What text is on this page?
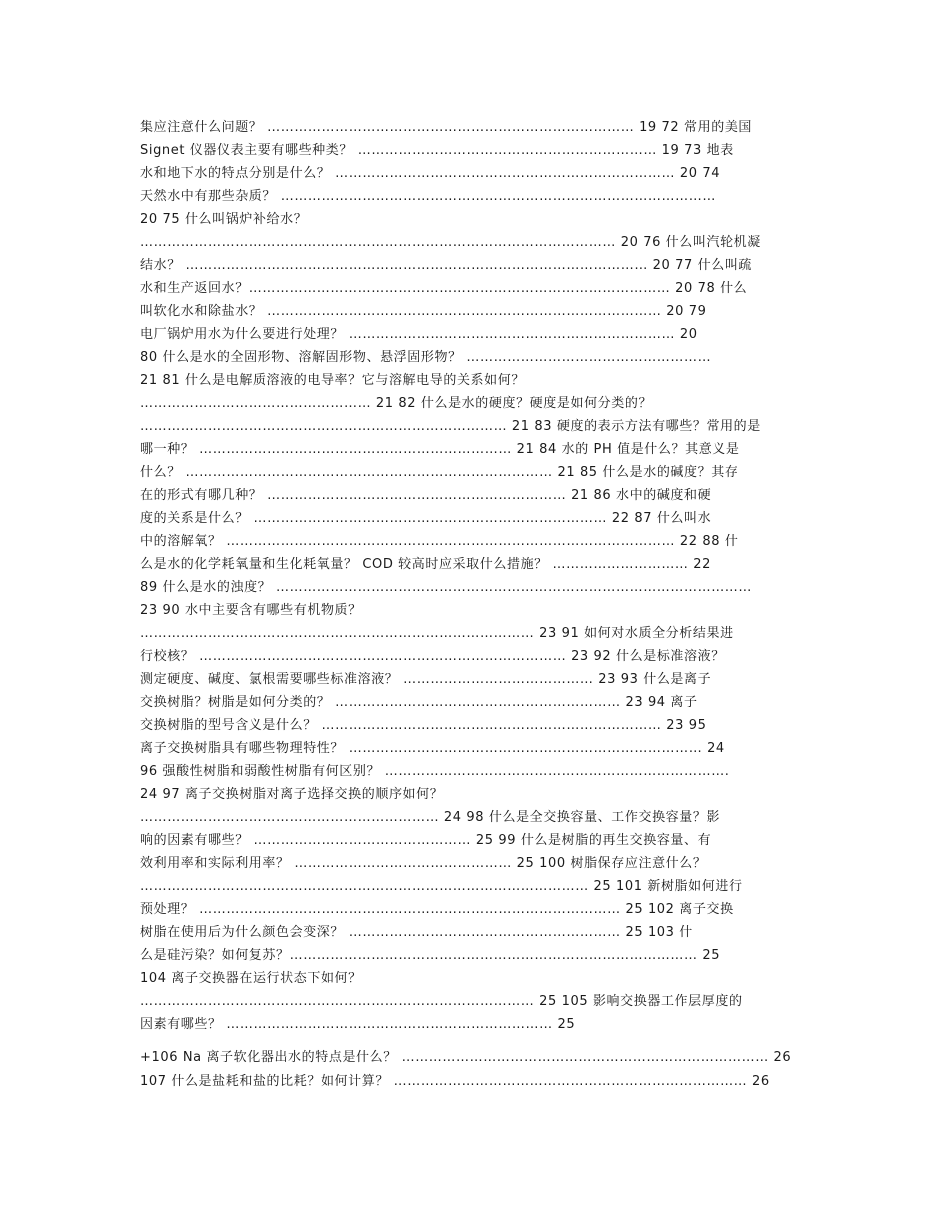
集应注意什么问题？ ……………………………………………………………………… 19 72 常用的美国
Signet 仪器仪表主要有哪些种类？ ………………………………………………………… 19 73 地表
水和地下水的特点分别是什么？ ………………………………………………………………… 20 74
天然水中有那些杂质？ ……………………………………………………………………………………
20 75 什么叫锅炉补给水？
…………………………………………………………………………………………… 20 76 什么叫汽轮机凝
结水？ ………………………………………………………………………………………… 20 77 什么叫疏
水和生产返回水？………………………………………………………………………………… 20 78 什么
叫软化水和除盐水？ …………………………………………………………………………… 20 79
电厂锅炉用水为什么要进行处理？ ……………………………………………………………… 20
80 什么是水的全固形物、溶解固形物、悬浮固形物？ ………………………………………………
21 81 什么是电解质溶液的电导率？它与溶解电导的关系如何？
…………………………………………… 21 82 什么是水的硬度？硬度是如何分类的？
……………………………………………………………………… 21 83 硬度的表示方法有哪些？常用的是
哪一种？ …………………………………………………………… 21 84 水的 PH 值是什么？其意义是
什么？ ……………………………………………………………………… 21 85 什么是水的碱度？其存
在的形式有哪几种？ ………………………………………………………… 21 86 水中的碱度和硬
度的关系是什么？ …………………………………………………………………… 22 87 什么叫水
中的溶解氧？ ……………………………………………………………………………………… 22 88 什
么是水的化学耗氧量和生化耗氧量？ COD 较高时应采取什么措施？ ………………………… 22
89 什么是水的浊度？ ……………………………………………………………………………………………
23 90 水中主要含有哪些有机物质？
…………………………………………………………………………… 23 91 如何对水质全分析结果进
行校核？ ……………………………………………………………………… 23 92 什么是标准溶液？
测定硬度、碱度、氯根需要哪些标准溶液？ …………………………………… 23 93 什么是离子
交换树脂？树脂是如何分类的？ ……………………………………………………… 23 94 离子
交换树脂的型号含义是什么？ ………………………………………………………………… 23 95
离子交换树脂具有哪些物理特性？ …………………………………………………………………… 24
96 强酸性树脂和弱酸性树脂有何区别？ ………………………………………………………………….
24 97 离子交换树脂对离子选择交换的顺序如何？
………………………………………………………… 24 98 什么是全交换容量、工作交换容量？影
响的因素有哪些？ ………………………………………… 25 99 什么是树脂的再生交换容量、有
效利用率和实际利用率？ ………………………………………… 25 100 树脂保存应注意什么？
……………………………………………………………………………………… 25 101 新树脂如何进行
预处理？ ………………………………………………………………………………… 25 102 离子交换
树脂在使用后为什么颜色会变深？ …………………………………………………… 25 103 什
么是硅污染？如何复苏？……………………………………………………………………………… 25
104 离子交换器在运行状态下如何？
…………………………………………………………………………… 25 105 影响交换器工作层厚度的
因素有哪些？ ……………………………………………………………… 25
+106 Na 离子软化器出水的特点是什么？ ……………………………………………………………………… 26
107 什么是盐耗和盐的比耗？如何计算？ …………………………………………………………………… 26
